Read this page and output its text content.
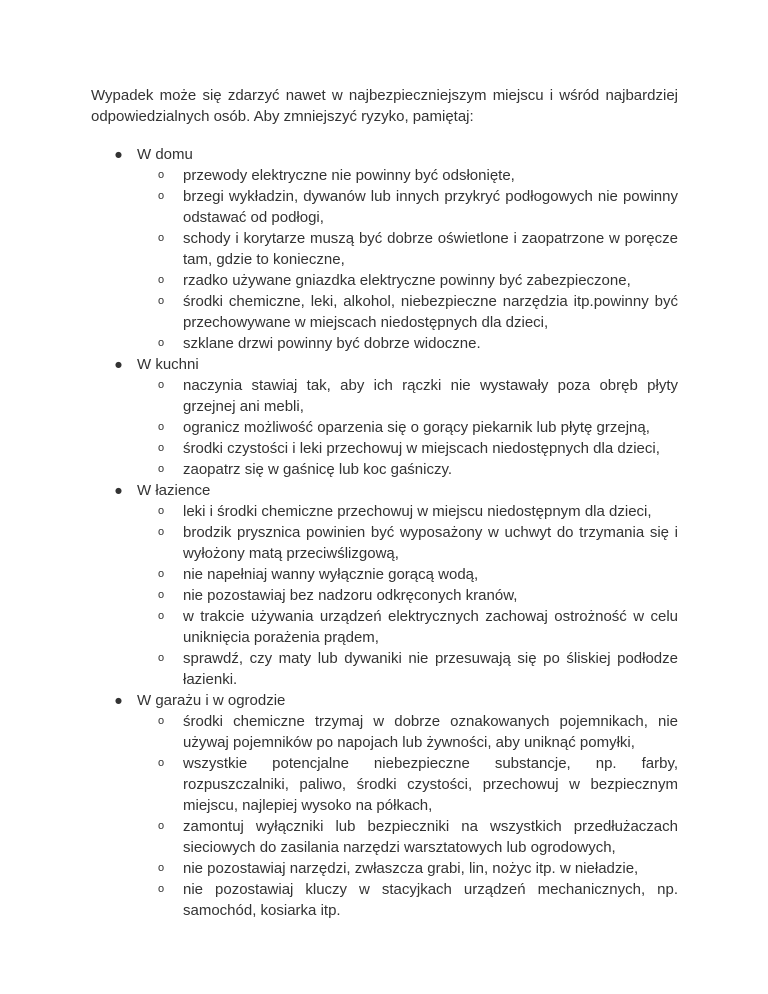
Wypadek może się zdarzyć nawet w najbezpieczniejszym miejscu i wśród najbardziej odpowiedzialnych osób. Aby zmniejszyć ryzyko, pamiętaj:

● W domu
o przewody elektryczne nie powinny być odsłonięte,
o brzegi wykładzin, dywanów lub innych przykryć podłogowych nie powinny odstawać od podłogi,
o schody i korytarze muszą być dobrze oświetlone i zaopatrzone w poręcze tam, gdzie to konieczne,
o rzadko używane gniazdka elektryczne powinny być zabezpieczone,
o środki chemiczne, leki, alkohol, niebezpieczne narzędzia itp.powinny być przechowywane w miejscach niedostępnych dla dzieci,
o szklane drzwi powinny być dobrze widoczne.
● W kuchni
o naczynia stawiaj tak, aby ich rączki nie wystawały poza obręb płyty grzejnej ani mebli,
o ogranicz możliwość oparzenia się o gorący piekarnik lub płytę grzejną,
o środki czystości i leki przechowuj w miejscach niedostępnych dla dzieci,
o zaopatrz się w gaśnicę lub koc gaśniczy.
● W łazience
o leki i środki chemiczne przechowuj w miejscu niedostępnym dla dzieci,
o brodzik prysznica powinien być wyposażony w uchwyt do trzymania się i wyłożony matą przeciwślizgową,
o nie napełniaj wanny wyłącznie gorącą wodą,
o nie pozostawiaj bez nadzoru odkręconych kranów,
o w trakcie używania urządzeń elektrycznych zachowaj ostrożność w celu uniknięcia porażenia prądem,
o sprawdź, czy maty lub dywaniki nie przesuwają się po śliskiej podłodze łazienki.
● W garażu i w ogrodzie
o środki chemiczne trzymaj w dobrze oznakowanych pojemnikach, nie używaj pojemników po napojach lub żywności, aby uniknąć pomyłki,
o wszystkie potencjalne niebezpieczne substancje, np. farby, rozpuszczalniki, paliwo, środki czystości, przechowuj w bezpiecznym miejscu, najlepiej wysoko na półkach,
o zamontuj wyłączniki lub bezpieczniki na wszystkich przedłużaczach sieciowych do zasilania narzędzi warsztatowych lub ogrodowych,
o nie pozostawiaj narzędzi, zwłaszcza grabi, lin, nożyc itp. w nieładzie,
o nie pozostawiaj kluczy w stacyjkach urządzeń mechanicznych, np. samochód, kosiarka itp.
